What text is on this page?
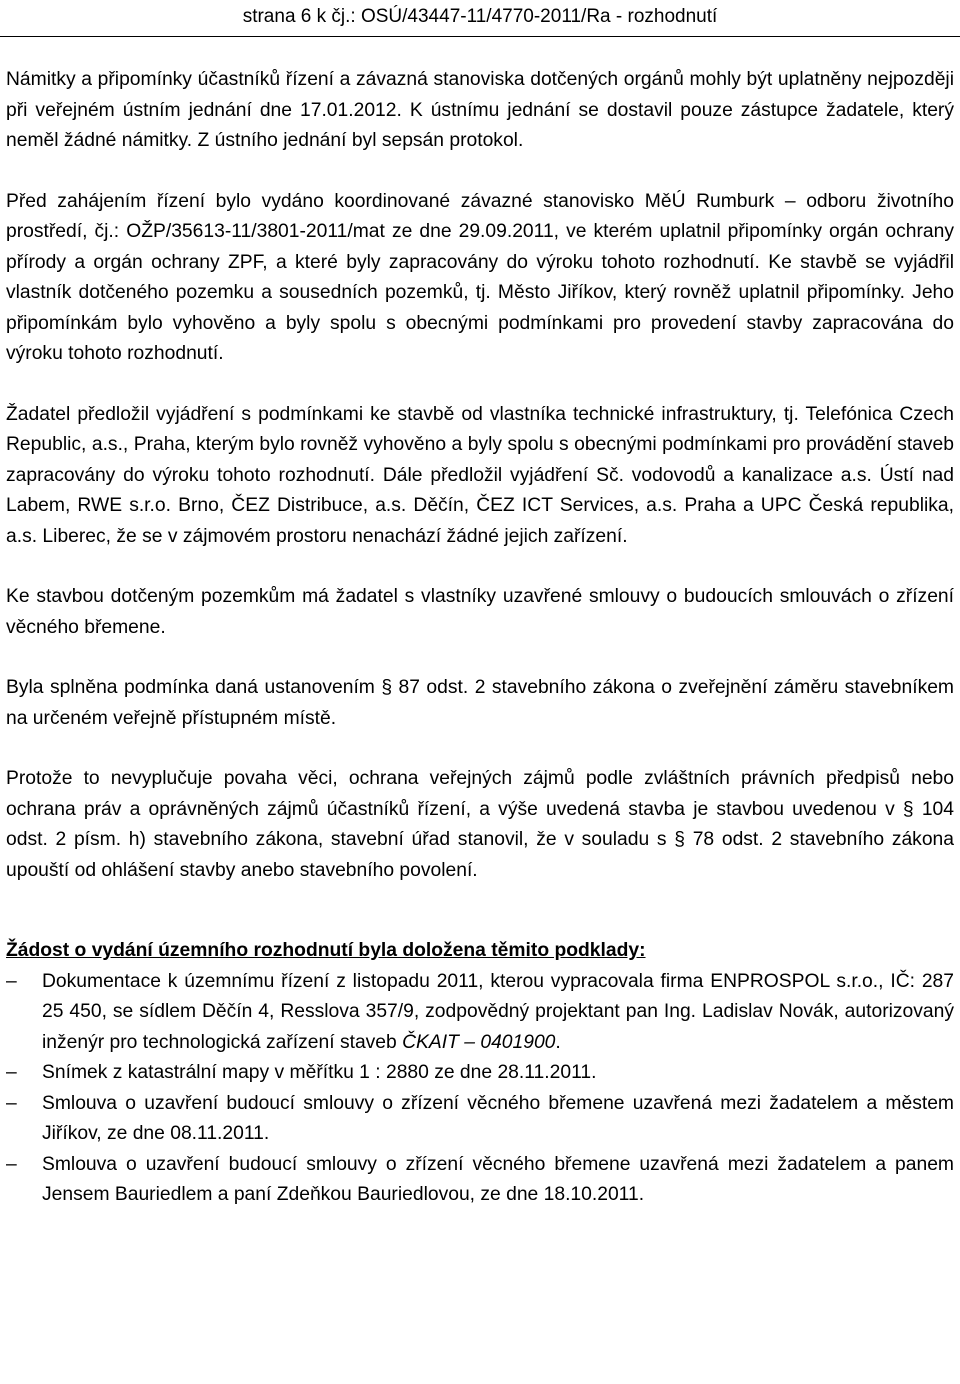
strana 6 k čj.: OSÚ/43447-11/4770-2011/Ra - rozhodnutí

Námitky a připomínky účastníků řízení a závazná stanoviska dotčených orgánů mohly být uplatněny nejpozději při veřejném ústním jednání dne 17.01.2012. K ústnímu jednání se dostavil pouze zástupce žadatele, který neměl žádné námitky. Z ústního jednání byl sepsán protokol.

Před zahájením řízení bylo vydáno koordinované závazné stanovisko MěÚ Rumburk – odboru životního prostředí, čj.: OŽP/35613-11/3801-2011/mat ze dne 29.09.2011, ve kterém uplatnil připomínky orgán ochrany přírody a orgán ochrany ZPF, a které byly zapracovány do výroku tohoto rozhodnutí. Ke stavbě se vyjádřil vlastník dotčeného pozemku a sousedních pozemků, tj. Město Jiříkov, který rovněž uplatnil připomínky. Jeho připomínkám bylo vyhověno a byly spolu s obecnými podmínkami pro provedení stavby zapracována do výroku tohoto rozhodnutí.

Žadatel předložil vyjádření s podmínkami ke stavbě od vlastníka technické infrastruktury, tj. Telefónica Czech Republic, a.s., Praha, kterým bylo rovněž vyhověno a byly spolu s obecnými podmínkami pro provádění staveb zapracovány do výroku tohoto rozhodnutí. Dále předložil vyjádření Sč. vodovodů a kanalizace a.s. Ústí nad Labem, RWE s.r.o. Brno, ČEZ Distribuce, a.s. Děčín, ČEZ ICT Services, a.s. Praha a UPC Česká republika, a.s. Liberec, že se v zájmovém prostoru nenachází žádné jejich zařízení.

Ke stavbou dotčeným pozemkům má žadatel s vlastníky uzavřené smlouvy o budoucích smlouvách o zřízení věcného břemene.

Byla splněna podmínka daná ustanovením § 87 odst. 2 stavebního zákona o zveřejnění záměru stavebníkem na určeném veřejně přístupném místě.

Protože to nevyplučuje povaha věci, ochrana veřejných zájmů podle zvláštních právních předpisů nebo ochrana práv a oprávněných zájmů účastníků řízení, a výše uvedená stavba je stavbou uvedenou v § 104 odst. 2 písm. h) stavebního zákona, stavební úřad stanovil, že v souladu s § 78 odst. 2 stavebního zákona upouští od ohlášení stavby anebo stavebního povolení.

Žádost o vydání územního rozhodnutí byla doložena těmito podklady:
–	Dokumentace k územnímu řízení z listopadu 2011, kterou vypracovala firma ENPROSPOL s.r.o., IČ: 287 25 450, se sídlem Děčín 4, Resslova 357/9, zodpovědný projektant pan Ing. Ladislav Novák, autorizovaný inženýr pro technologická zařízení staveb ČKAIT – 0401900.
–	Snímek z katastrální mapy v měřítku 1 : 2880 ze dne 28.11.2011.
–	Smlouva o uzavření budoucí smlouvy o zřízení věcného břemene uzavřená mezi žadatelem a městem Jiříkov, ze dne 08.11.2011.
–	Smlouva o uzavření budoucí smlouvy o zřízení věcného břemene uzavřená mezi žadatelem a panem Jensem Bauriedlem a paní Zdeňkou Bauriedlovou, ze dne 18.10.2011.
